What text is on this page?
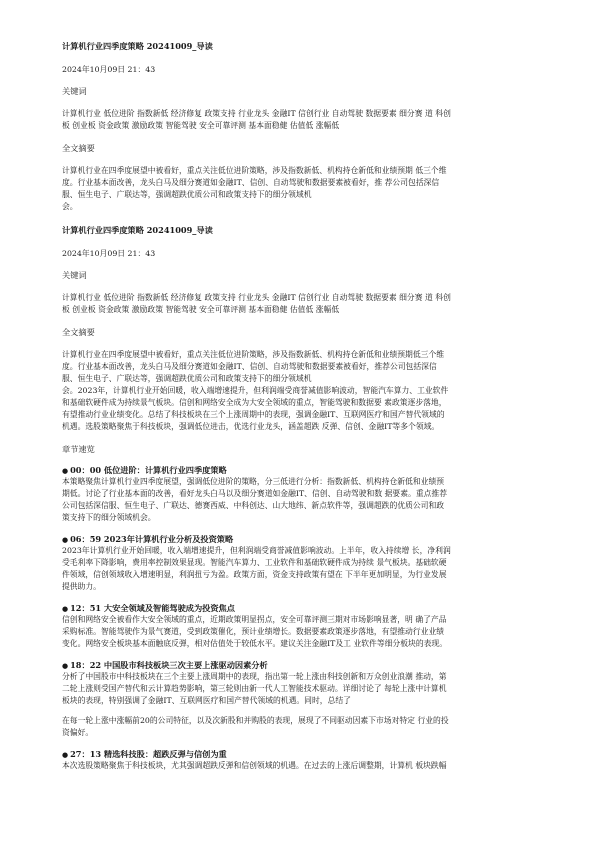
计算机行业四季度策略 20241009_导读

2024年10月09日 21：43

关键词

计算机行业 低位进阶 指数新低 经济修复 政策支持 行业龙头 金融IT 信创行业 自动驾驶 数据要素 细分赛 道 科创
板 创业板 资金政策 激励政策 智能驾驶 安全可靠评测 基本面稳健 估值低 涨幅低

全文摘要

计算机行业在四季度展望中被看好，重点关注低位进阶策略，涉及指数新低、机构持仓新低和业绩预期 低三个维
度。行业基本面改善，龙头白马及细分赛道如金融IT、信创、自动驾驶和数据要素被看好，推 荐公司包括深信
服、恒生电子、广联达等，强调超跌优质公司和政策支持下的细分领域机
会。

计算机行业四季度策略 20241009_导读

2024年10月09日 21：43

关键词

计算机行业 低位进阶 指数新低 经济修复 政策支持 行业龙头 金融IT 信创行业 自动驾驶 数据要素 细分赛 道 科创
板 创业板 资金政策 激励政策 智能驾驶 安全可靠评测 基本面稳健 估值低 涨幅低

全文摘要

计算机行业在四季度展望中被看好，重点关注低位进阶策略，涉及指数新低、机构持仓新低和业绩预期低三个维
度。行业基本面改善，龙头白马及细分赛道如金融IT、信创、自动驾驶和数据要素被看好，推荐公司包括深信
服、恒生电子、广联达等，强调超跌优质公司和政策支持下的细分领域机
会。2023年，计算机行业开始回暖，收入端增速提升，但利润端受商誉减值影响波动，智能汽车算力、工业软件
和基础软硬件成为持续景气板块。信创和网络安全成为大安全领域的重点，智能驾驶和数据要 素政策逐步落地，
有望推动行业业绩变化。总结了科技板块在三个上涨周期中的表现，强调金融IT、互联网医疗和国产替代领域的
机遇。选股策略聚焦于科技板块，强调低位进击，优选行业龙头，涵盖超跌 反弹、信创、金融IT等多个领域。

章节速览

● 00：00 低位进阶：计算机行业四季度策略

本策略聚焦计算机行业四季度展望，强调低位进阶的策略，分三低进行分析：指数新低、机构持仓新低和业绩预
期低。讨论了行业基本面的改善，看好龙头白马以及细分赛道如金融IT、信创、自动驾驶和数 据要素。重点推荐
公司包括深信服、恒生电子、广联达、德赛西威、中科创达、山大地纬、新点软件等，强调超跌的优质公司和政
策支持下的细分领域机会。

● 06：59 2023年计算机行业分析及投资策略

2023年计算机行业开始回暖，收入端增速提升，但利润端受商誉减值影响波动。上半年，收入持续增 长，净利润
受毛利率下降影响，费用率控制效果显现。智能汽车算力、工业软件和基础软硬件成为持续 景气板块。基础软硬
件领域，信创领域收入增速明显，利润扭亏为盈。政策方面，资金支持政策有望在 下半年更加明显，为行业发展
提供助力。

● 12：51 大安全领域及智能驾驶成为投资焦点

信创和网络安全被看作大安全领域的重点，近期政策明显拐点，安全可靠评测三期对市场影响显著，明 确了产品
采购标准。智能驾驶作为景气赛道，受到政策催化，预计业绩增长。数据要素政策逐步落地，有望推动行业业绩
变化。网络安全板块基本面触底反弹，相对估值处于较低水平。建议关注金融IT及工 业软件等细分板块的表现。

● 18：22 中国股市科技板块三次主要上涨驱动因素分析

分析了中国股市中科技板块在三个主要上涨周期中的表现，指出第一轮上涨由科技创新和万众创业浪潮 推动，第
二轮上涨则受国产替代和云计算趋势影响，第三轮则由新一代人工智能技术驱动。详细讨论了 每轮上涨中计算机
板块的表现，特别强调了金融IT、互联网医疗和国产替代领域的机遇。同时，总结了

在每一轮上涨中涨幅前20的公司特征，以及次新股和并购股的表现，展现了不同驱动因素下市场对特定 行业的投
资偏好。

● 27：13 精选科技股：超跌反弹与信创为重

本次选股策略聚焦于科技板块，尤其强调超跌反弹和信创领域的机遇。在过去的上涨后调整期，计算机 板块跌幅
